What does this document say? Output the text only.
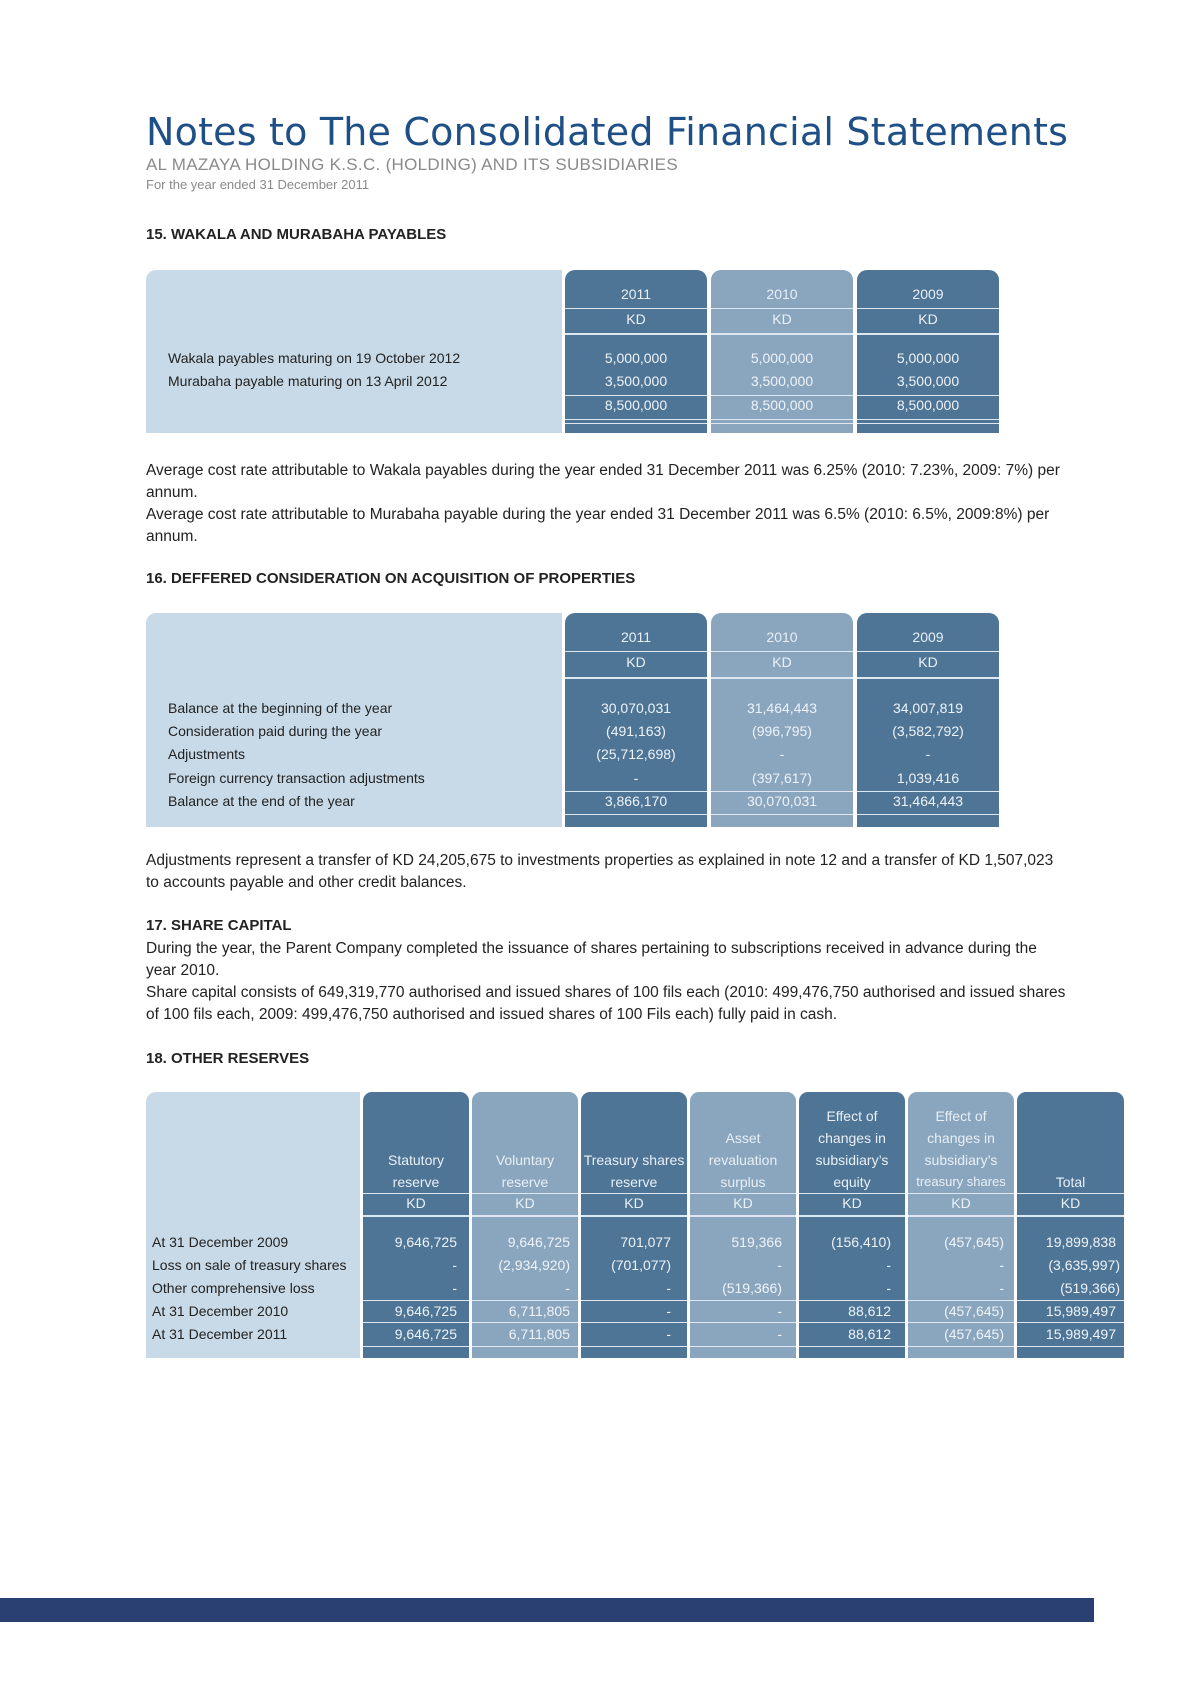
Notes to The Consolidated Financial Statements
AL MAZAYA HOLDING K.S.C. (HOLDING) AND ITS SUBSIDIARIES
For the year ended 31 December 2011
15. WAKALA AND MURABAHA PAYABLES
2011
KD
5,000,000
3,500,000
8,500,000
2010
KD
5,000,000
3,500,000
8,500,000
2009
KD
5,000,000
3,500,000
8,500,000
Wakala payables maturing on 19 October 2012
Murabaha payable maturing on 13 April 2012

Average cost rate attributable to Wakala payables during the year ended 31 December 2011 was 6.25% (2010: 7.23%, 2009: 7%) per annum.

Average cost rate attributable to Murabaha payable during the year ended 31 December 2011 was 6.5% (2010: 6.5%, 2009:8%) per annum.

16. DEFFERED CONSIDERATION ON ACQUISITION OF PROPERTIES
2011
KD
30,070,031
(491,163)
(25,712,698)
-
3,866,170
2010
KD
31,464,443
(996,795)
-
(397,617)
30,070,031
2009
KD
34,007,819
(3,582,792)
-
1,039,416
31,464,443
Balance at the beginning of the year
Consideration paid during the year
Adjustments
Foreign currency transaction adjustments
Balance at the end of the year

Adjustments represent a transfer of KD 24,205,675 to investments properties as explained in note 12 and a transfer of KD 1,507,023 to accounts payable and other credit balances.

17. SHARE CAPITAL

During the year, the Parent Company completed the issuance of shares pertaining to subscriptions received in advance during the year 2010.

Share capital consists of 649,319,770 authorised and issued shares of 100 fils each (2010: 499,476,750 authorised and issued shares of 100 fils each, 2009: 499,476,750 authorised and issued shares of 100 Fils each) fully paid in cash.

18. OTHER RESERVES
Statutory
reserve
KD
9,646,725
-
-
9,646,725
9,646,725
Voluntary
reserve
KD
9,646,725
(2,934,920)
-
6,711,805
6,711,805
Treasury shares
reserve
KD
701,077
(701,077)
-
-
-
Asset
revaluation
surplus
KD
519,366
-
(519,366)
-
-
Effect of
changes in
subsidiary’s
equity
KD
(156,410)
-
-
88,612
88,612
Effect of
changes in
subsidiary’s
treasury shares
KD
(457,645)
-
-
(457,645)
(457,645)
Total
KD
19,899,838
(3,635,997)
(519,366)
15,989,497
15,989,497
At 31 December 2009
Loss on sale of treasury shares
Other comprehensive loss
At 31 December 2010
At 31 December 2011
